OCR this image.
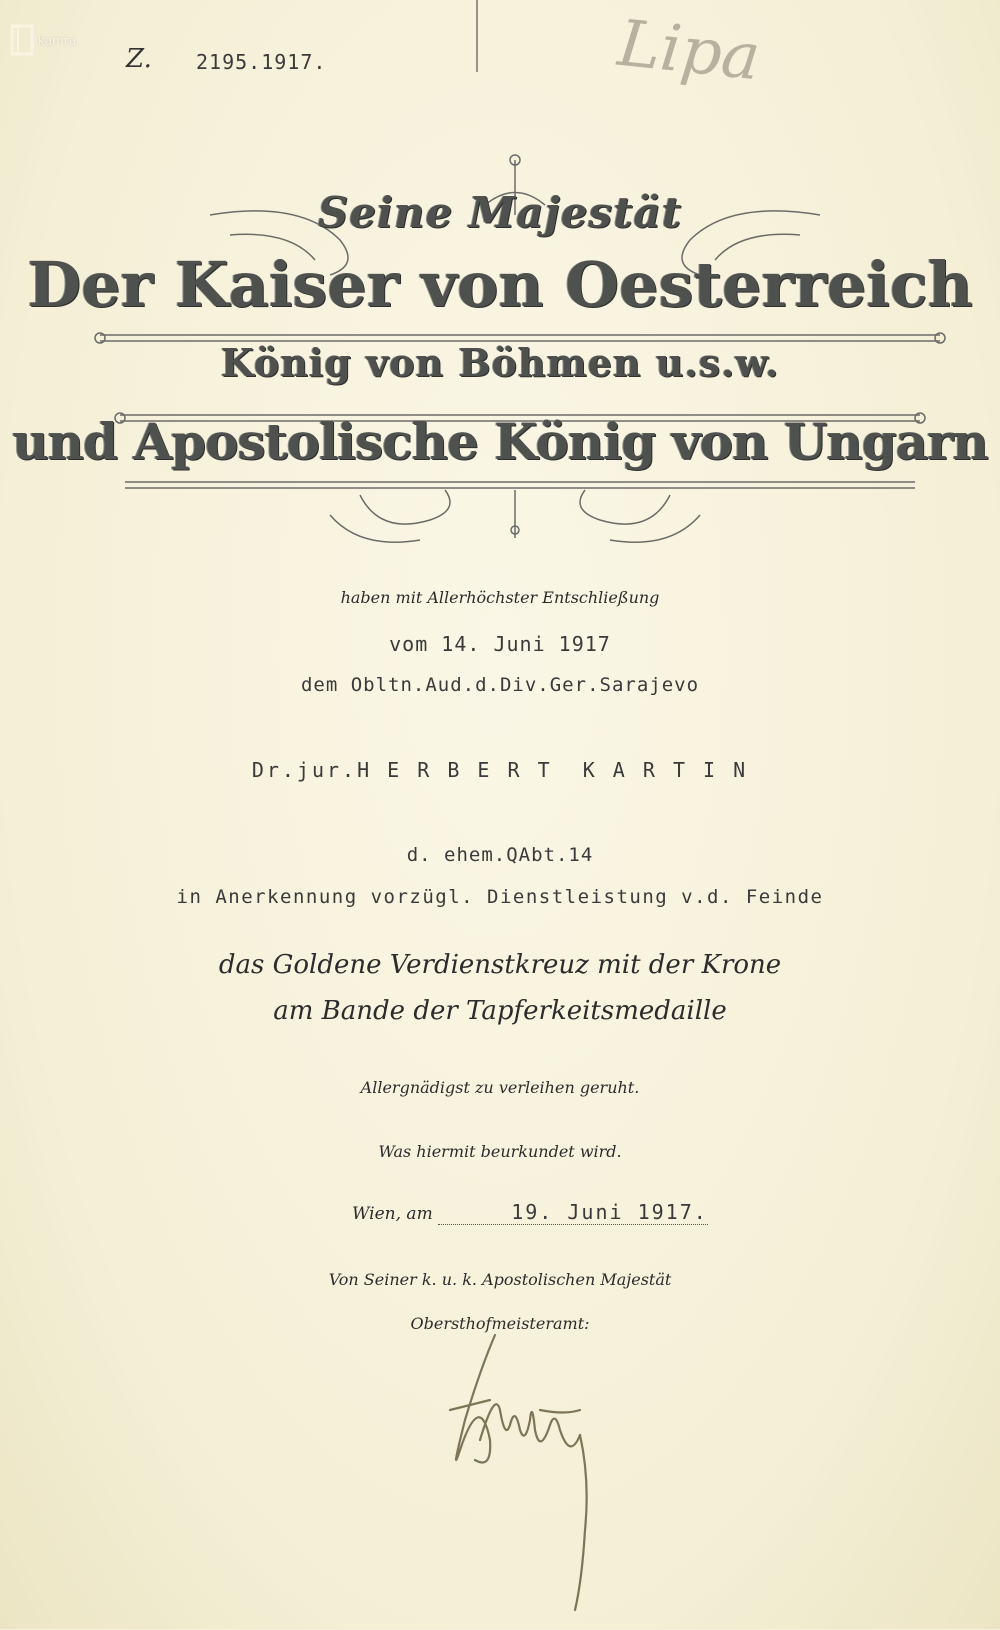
kamra
Z. 2195.1917.	Lipa
Seine Majestät
Der Kaiser von Oesterreich
König von Böhmen u.s.w.
und Apostolische König von Ungarn
haben mit Allerhöchster Entschließung
vom 14. Juni 1917
dem Obltn.Aud.d.Div.Ger.Sarajevo
Dr.jur.H E R B E R T  K A R T I N
d. ehem.QAbt.14
in Anerkennung vorzügl. Dienstleistung v.d. Feinde
das Goldene Verdienstkreuz mit der Krone
am Bande der Tapferkeitsmedaille
Allergnädigst zu verleihen geruht.
Was hiermit beurkundet wird.
Wien, am	19. Juni 1917.
Von Seiner k. u. k. Apostolischen Majestät
Obersthofmeisteramt:
